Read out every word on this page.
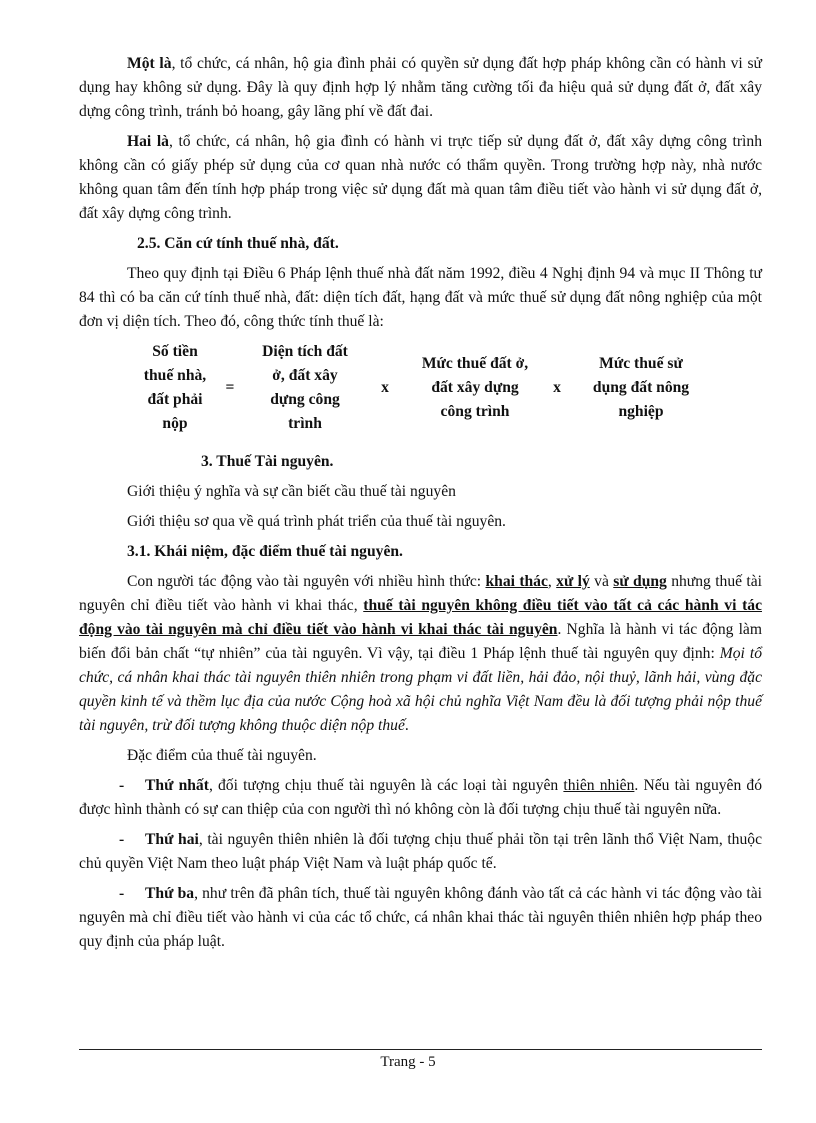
Một là, tổ chức, cá nhân, hộ gia đình phải có quyền sử dụng đất hợp pháp không cần có hành vi sử dụng hay không sử dụng. Đây là quy định hợp lý nhằm tăng cường tối đa hiệu quả sử dụng đất ở, đất xây dựng công trình, tránh bỏ hoang, gây lãng phí về đất đai.

Hai là, tổ chức, cá nhân, hộ gia đình có hành vi trực tiếp sử dụng đất ở, đất xây dựng công trình không cần có giấy phép sử dụng của cơ quan nhà nước có thẩm quyền. Trong trường hợp này, nhà nước không quan tâm đến tính hợp pháp trong việc sử dụng đất mà quan tâm điều tiết vào hành vi sử dụng đất ở, đất xây dựng công trình.

2.5. Căn cứ tính thuế nhà, đất.

Theo quy định tại Điều 6 Pháp lệnh thuế nhà đất năm 1992, điều 4 Nghị định 94 và mục II Thông tư 84 thì có ba căn cứ tính thuế nhà, đất: diện tích đất, hạng đất và mức thuế sử dụng đất nông nghiệp của một đơn vị diện tích. Theo đó, công thức tính thuế là:

Số tiền thuế nhà, đất phải nộp
=
Diện tích đất ở, đất xây dựng công trình
x
Mức thuế đất ở, đất xây dựng công trình
x
Mức thuế sử dụng đất nông nghiệp
3. Thuế Tài nguyên.
Giới thiệu ý nghĩa và sự cần biết cầu thuế tài nguyên
Giới thiệu sơ qua về quá trình phát triển của thuế tài nguyên.
3.1. Khái niệm, đặc điểm thuế tài nguyên.

Con người tác động vào tài nguyên với nhiều hình thức: khai thác, xử lý và sử dụng nhưng thuế tài nguyên chỉ điều tiết vào hành vi khai thác, thuế tài nguyên không điều tiết vào tất cả các hành vi tác động vào tài nguyên mà chỉ điều tiết vào hành vi khai thác tài nguyên. Nghĩa là hành vi tác động làm biến đổi bản chất “tự nhiên” của tài nguyên. Vì vậy, tại điều 1 Pháp lệnh thuế tài nguyên quy định: Mọi tổ chức, cá nhân khai thác tài nguyên thiên nhiên trong phạm vi đất liền, hải đảo, nội thuỷ, lãnh hải, vùng đặc quyền kinh tế và thềm lục địa của nước Cộng hoà xã hội chủ nghĩa Việt Nam đều là đối tượng phải nộp thuế tài nguyên, trừ đối tượng không thuộc diện nộp thuế.

Đặc điểm của thuế tài nguyên.

- Thứ nhất, đối tượng chịu thuế tài nguyên là các loại tài nguyên thiên nhiên. Nếu tài nguyên đó được hình thành có sự can thiệp của con người thì nó không còn là đối tượng chịu thuế tài nguyên nữa.

- Thứ hai, tài nguyên thiên nhiên là đối tượng chịu thuế phải tồn tại trên lãnh thổ Việt Nam, thuộc chủ quyền Việt Nam theo luật pháp Việt Nam và luật pháp quốc tế.

- Thứ ba, như trên đã phân tích, thuế tài nguyên không đánh vào tất cả các hành vi tác động vào tài nguyên mà chỉ điều tiết vào hành vi của các tổ chức, cá nhân khai thác tài nguyên thiên nhiên hợp pháp theo quy định của pháp luật.

Trang - 5
